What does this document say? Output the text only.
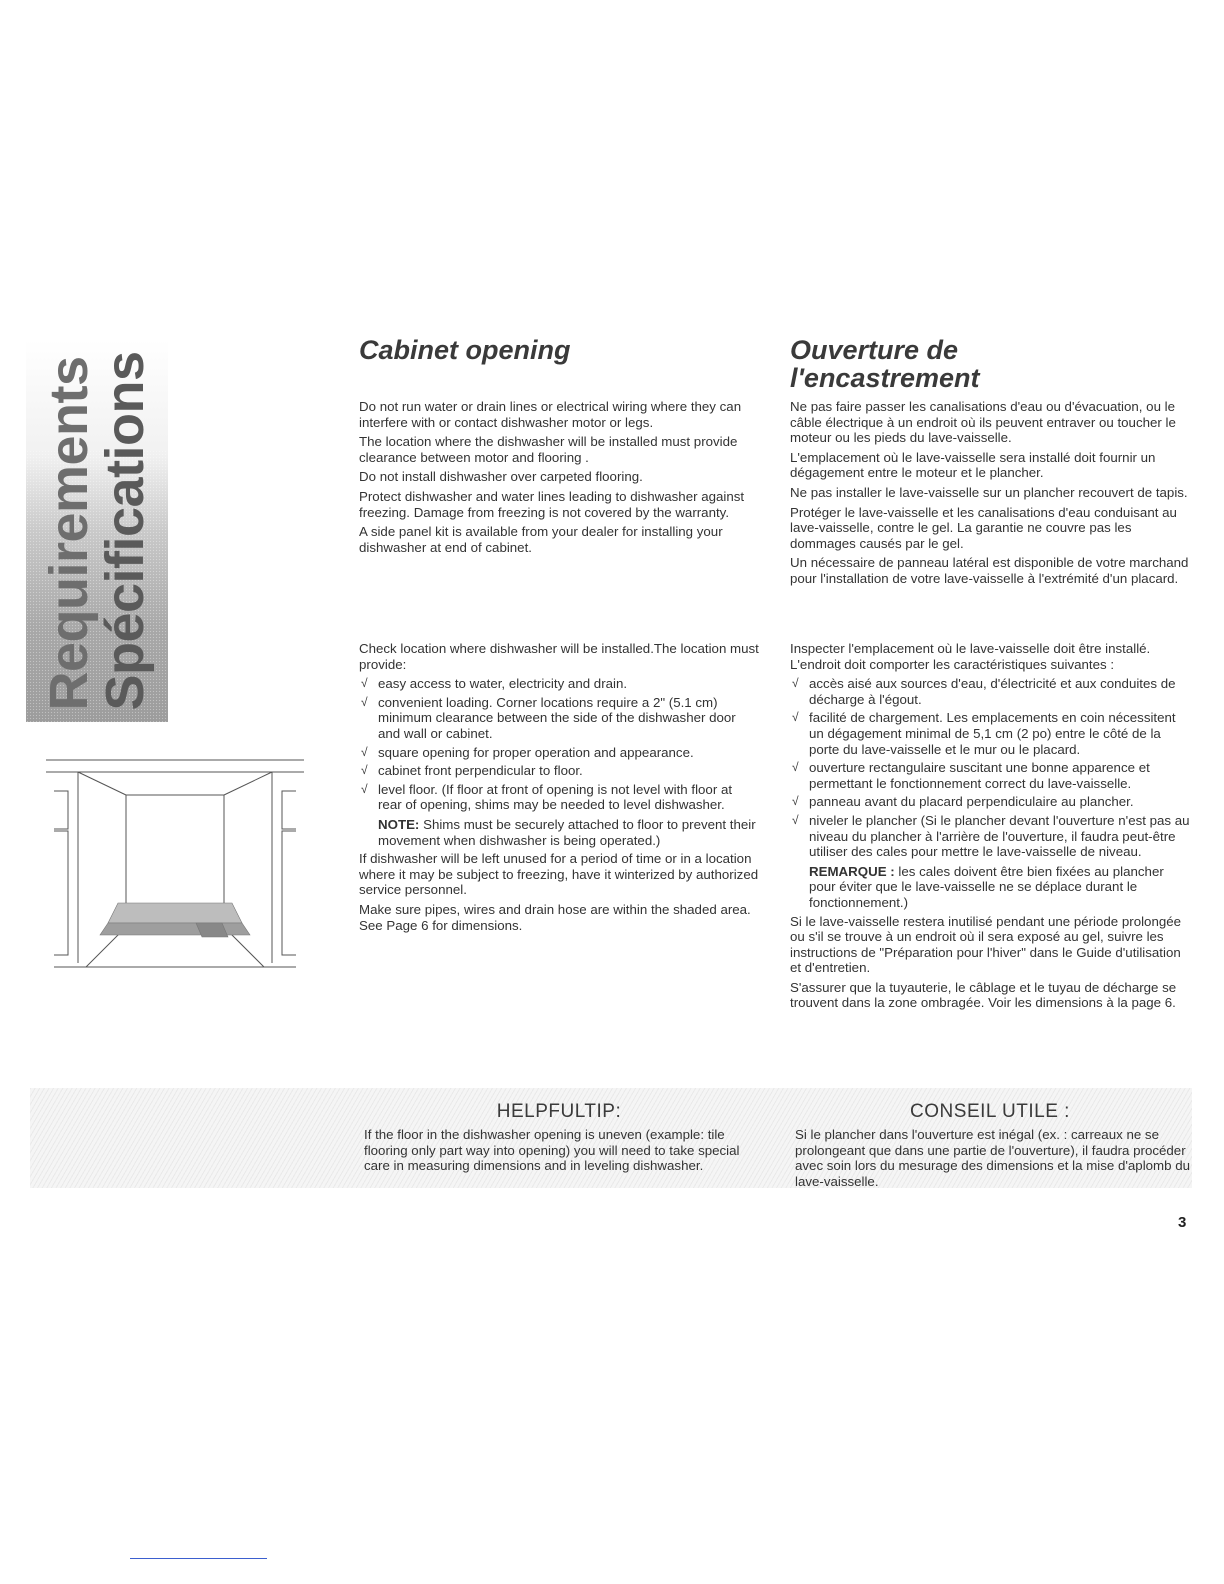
Requirements
Spécifications
Cabinet opening

Do not run water or drain lines or electrical wiring where they can interfere with or contact dishwasher motor or legs.

The location where the dishwasher will be installed must provide clearance between motor and flooring .

Do not install dishwasher over carpeted flooring.

Protect dishwasher and water lines leading to dishwasher against freezing. Damage from freezing is not covered by the warranty.

A side panel kit is available from your dealer for installing your dishwasher at end of cabinet.

Check location where dishwasher will be installed.The location must provide:

√ easy access to water, electricity and drain.
√ convenient loading. Corner locations require a 2" (5.1 cm) minimum clearance between the side of the dishwasher door and wall or cabinet.
√ square opening for proper operation and appearance.
√ cabinet front perpendicular to floor.
√ level floor. (If floor at front of opening is not level with floor at rear of opening, shims may be needed to level dishwasher.
NOTE: Shims must be securely attached to floor to prevent their movement when dishwasher is being operated.)

If dishwasher will be left unused for a period of time or in a location where it may be subject to freezing, have it winterized by authorized service personnel.

Make sure pipes, wires and drain hose are within the shaded area. See Page 6 for dimensions.

Ouverture de
l'encastrement

Ne pas faire passer les canalisations d'eau ou d'évacuation, ou le câble électrique à un endroit où ils peuvent entraver ou toucher le moteur ou les pieds du lave-vaisselle.

L'emplacement où le lave-vaisselle sera installé doit fournir un dégagement entre le moteur et le plancher.

Ne pas installer le lave-vaisselle sur un plancher recouvert de tapis.

Protéger le lave-vaisselle et les canalisations d'eau conduisant au lave-vaisselle, contre le gel. La garantie ne couvre pas les dommages causés par le gel.

Un nécessaire de panneau latéral est disponible de votre marchand pour l'installation de votre lave-vaisselle à l'extrémité d'un placard.

Inspecter l'emplacement où le lave-vaisselle doit être installé. L'endroit doit comporter les caractéristiques suivantes :

√ accès aisé aux sources d'eau, d'électricité et aux conduites de décharge à l'égout.
√ facilité de chargement. Les emplacements en coin nécessitent un dégagement minimal de 5,1 cm (2 po) entre le côté de la porte du lave-vaisselle et le mur ou le placard.
√ ouverture rectangulaire suscitant une bonne apparence et permettant le fonctionnement correct du lave-vaisselle.
√ panneau avant du placard perpendiculaire au plancher.
√ niveler le plancher (Si le plancher devant l'ouverture n'est pas au niveau du plancher à l'arrière de l'ouverture, il faudra peut-être utiliser des cales pour mettre le lave-vaisselle de niveau.
REMARQUE : les cales doivent être bien fixées au plancher pour éviter que le lave-vaisselle ne se déplace durant le fonctionnement.)

Si le lave-vaisselle restera inutilisé pendant une période prolongée ou s'il se trouve à un endroit où il sera exposé au gel, suivre les instructions de "Préparation pour l'hiver" dans le Guide d'utilisation et d'entretien.

S'assurer que la tuyauterie, le câblage et le tuyau de décharge se trouvent dans la zone ombragée. Voir les dimensions à la page 6.

HELPFULTIP:	CONSEIL UTILE :
If the floor in the dishwasher opening is uneven (example: tile flooring only part way into opening) you will need to take special care in measuring dimensions and in leveling dishwasher.
Si le plancher dans l'ouverture est inégal (ex. : carreaux ne se prolongeant que dans une partie de l'ouverture), il faudra procéder avec soin lors du mesurage des dimensions et la mise d'aplomb du lave-vaisselle.
3
